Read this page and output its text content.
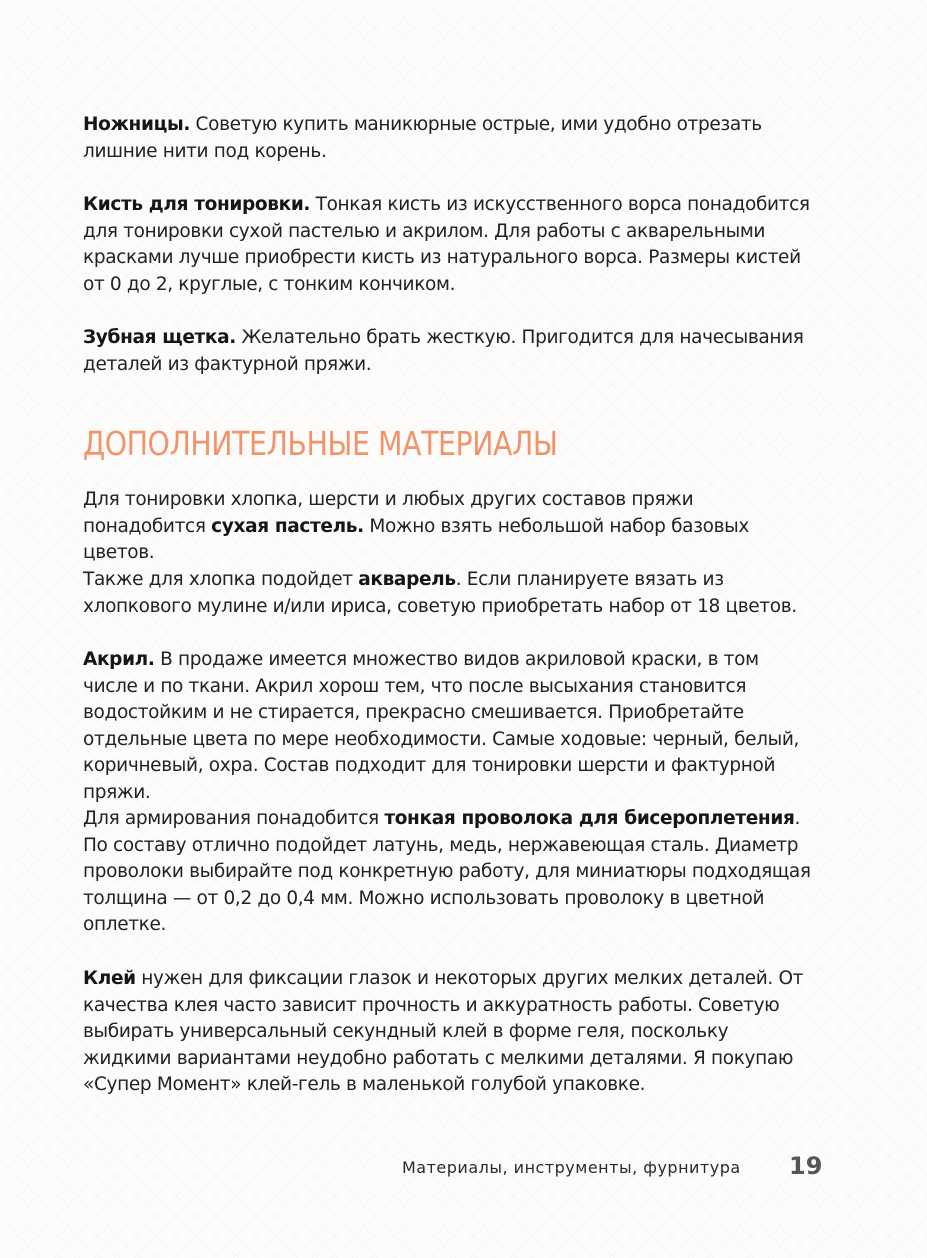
Ножницы. Советую купить маникюрные острые, ими удобно отрезать лишние нити под корень.

Кисть для тонировки. Тонкая кисть из искусственного ворса понадобится для тонировки сухой пастелью и акрилом. Для работы с акварельными красками лучше приобрести кисть из натурального ворса. Размеры кистей от 0 до 2, круглые, с тонким кончиком.

Зубная щетка. Желательно брать жесткую. Пригодится для начесывания деталей из фактурной пряжи.

ДОПОЛНИТЕЛЬНЫЕ МАТЕРИАЛЫ

Для тонировки хлопка, шерсти и любых других составов пряжи понадобится сухая пастель. Можно взять небольшой набор базовых цветов.

Также для хлопка подойдет акварель. Если планируете вязать из хлопкового мулине и/или ириса, советую приобретать набор от 18 цветов.

Акрил. В продаже имеется множество видов акриловой краски, в том числе и по ткани. Акрил хорош тем, что после высыхания становится водостойким и не стирается, прекрасно смешивается. Приобретайте отдельные цвета по мере необходимости. Самые ходовые: черный, белый, коричневый, охра. Состав подходит для тонировки шерсти и фактурной пряжи.

Для армирования понадобится тонкая проволока для бисероплетения. По составу отлично подойдет латунь, медь, нержавеющая сталь. Диаметр проволоки выбирайте под конкретную работу, для миниатюры подходящая толщина — от 0,2 до 0,4 мм. Можно использовать проволоку в цветной оплетке.

Клей нужен для фиксации глазок и некоторых других мелких деталей. От качества клея часто зависит прочность и аккуратность работы. Советую выбирать универсальный секундный клей в форме геля, поскольку жидкими вариантами неудобно работать с мелкими деталями. Я покупаю «Супер Момент» клей-гель в маленькой голубой упаковке.

Материалы, инструменты, фурнитура 19
